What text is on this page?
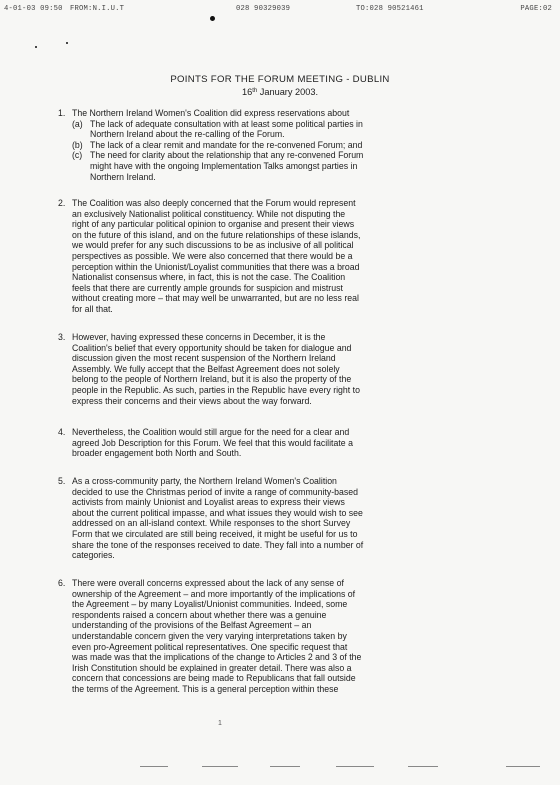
4-01-03 09:50 FROM:N.I.U.T	028 90329039	TO:028 90521461	PAGE:02
POINTS FOR THE FORUM MEETING - DUBLIN
16th January 2003.
1. The Northern Ireland Women's Coalition did express reservations about

(a) The lack of adequate consultation with at least some political parties in

Northern Ireland about the re-calling of the Forum.

(b) The lack of a clear remit and mandate for the re-convened Forum; and

(c) The need for clarity about the relationship that any re-convened Forum

might have with the ongoing Implementation Talks amongst parties in

Northern Ireland.

2. The Coalition was also deeply concerned that the Forum would represent

an exclusively Nationalist political constituency. While not disputing the

right of any particular political opinion to organise and present their views

on the future of this island, and on the future relationships of these islands,

we would prefer for any such discussions to be as inclusive of all political

perspectives as possible. We were also concerned that there would be a

perception within the Unionist/Loyalist communities that there was a broad

Nationalist consensus where, in fact, this is not the case. The Coalition

feels that there are currently ample grounds for suspicion and mistrust

without creating more – that may well be unwarranted, but are no less real

for all that.

3. However, having expressed these concerns in December, it is the

Coalition's belief that every opportunity should be taken for dialogue and

discussion given the most recent suspension of the Northern Ireland

Assembly. We fully accept that the Belfast Agreement does not solely

belong to the people of Northern Ireland, but it is also the property of the

people in the Republic. As such, parties in the Republic have every right to

express their concerns and their views about the way forward.

4. Nevertheless, the Coalition would still argue for the need for a clear and

agreed Job Description for this Forum. We feel that this would facilitate a

broader engagement both North and South.

5. As a cross-community party, the Northern Ireland Women's Coalition

decided to use the Christmas period of invite a range of community-based

activists from mainly Unionist and Loyalist areas to express their views

about the current political impasse, and what issues they would wish to see

addressed on an all-island context. While responses to the short Survey

Form that we circulated are still being received, it might be useful for us to

share the tone of the responses received to date. They fall into a number of

categories.

6. There were overall concerns expressed about the lack of any sense of

ownership of the Agreement – and more importantly of the implications of

the Agreement – by many Loyalist/Unionist communities. Indeed, some

respondents raised a concern about whether there was a genuine

understanding of the provisions of the Belfast Agreement – an

understandable concern given the very varying interpretations taken by

even pro-Agreement political representatives. One specific request that

was made was that the implications of the change to Articles 2 and 3 of the

Irish Constitution should be explained in greater detail. There was also a

concern that concessions are being made to Republicans that fall outside

the terms of the Agreement. This is a general perception within these

1
